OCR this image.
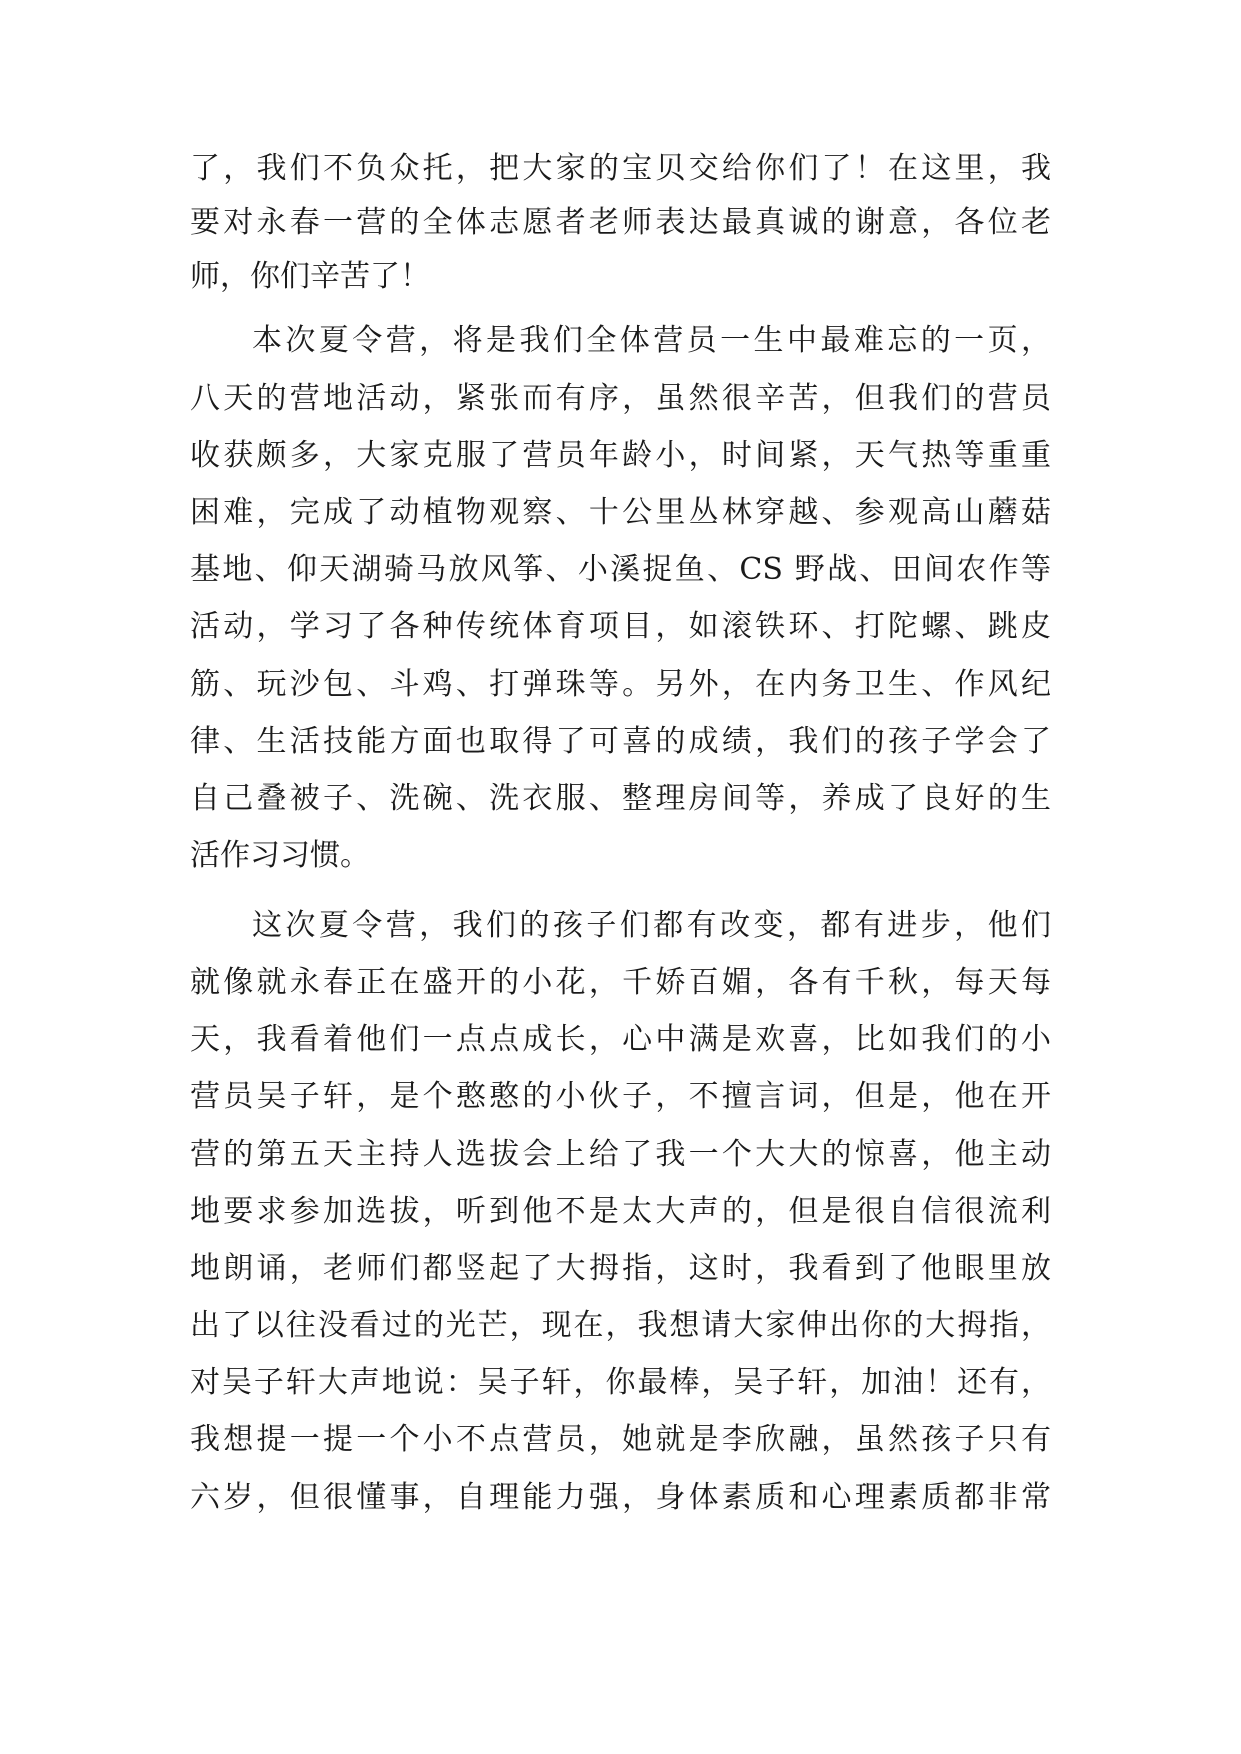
了，我们不负众托，把大家的宝贝交给你们了！在这里，我

要对永春一营的全体志愿者老师表达最真诚的谢意，各位老

师，你们辛苦了！

本次夏令营，将是我们全体营员一生中最难忘的一页，

八天的营地活动，紧张而有序，虽然很辛苦，但我们的营员

收获颇多，大家克服了营员年龄小，时间紧，天气热等重重

困难，完成了动植物观察、十公里丛林穿越、参观高山蘑菇

基地、仰天湖骑马放风筝、小溪捉鱼、CS 野战、田间农作等

活动，学习了各种传统体育项目，如滚铁环、打陀螺、跳皮

筋、玩沙包、斗鸡、打弹珠等。另外，在内务卫生、作风纪

律、生活技能方面也取得了可喜的成绩，我们的孩子学会了

自己叠被子、洗碗、洗衣服、整理房间等，养成了良好的生

活作习习惯。

这次夏令营，我们的孩子们都有改变，都有进步，他们

就像就永春正在盛开的小花，千娇百媚，各有千秋，每天每

天，我看着他们一点点成长，心中满是欢喜，比如我们的小

营员吴子轩，是个憨憨的小伙子，不擅言词，但是，他在开

营的第五天主持人选拔会上给了我一个大大的惊喜，他主动

地要求参加选拔，听到他不是太大声的，但是很自信很流利

地朗诵，老师们都竖起了大拇指，这时，我看到了他眼里放

出了以往没看过的光芒，现在，我想请大家伸出你的大拇指，

对吴子轩大声地说：吴子轩，你最棒，吴子轩，加油！还有，

我想提一提一个小不点营员，她就是李欣融，虽然孩子只有

六岁，但很懂事，自理能力强，身体素质和心理素质都非常
